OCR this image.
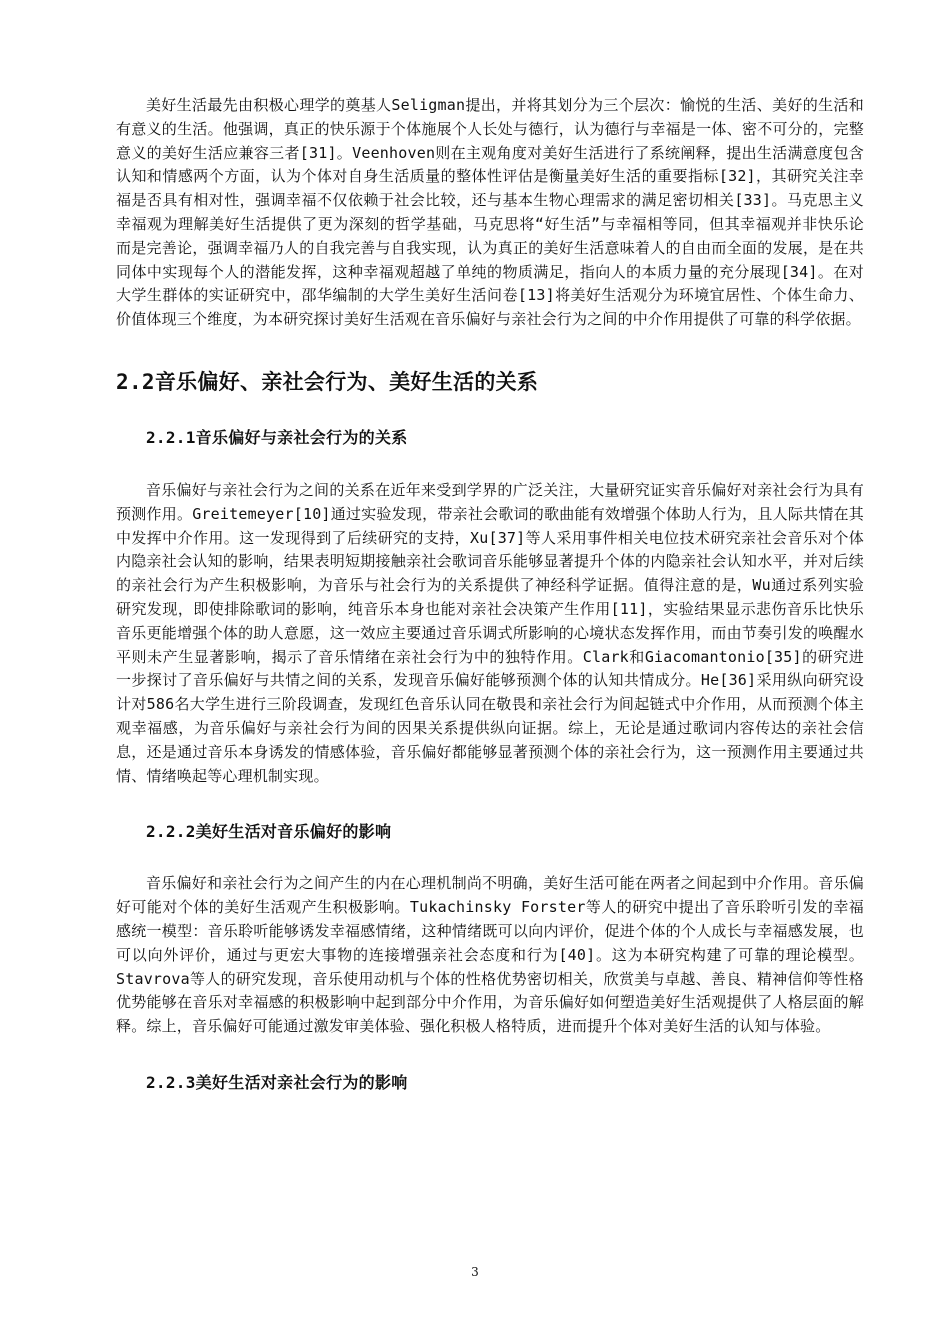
美好生活最先由积极心理学的奠基人Seligman提出，并将其划分为三个层次：愉悦的生活、美好的生活和有意义的生活。他强调，真正的快乐源于个体施展个人长处与德行，认为德行与幸福是一体、密不可分的，完整意义的美好生活应兼容三者[31]。Veenhoven则在主观角度对美好生活进行了系统阐释，提出生活满意度包含认知和情感两个方面，认为个体对自身生活质量的整体性评估是衡量美好生活的重要指标[32]，其研究关注幸福是否具有相对性，强调幸福不仅依赖于社会比较，还与基本生物心理需求的满足密切相关[33]。马克思主义幸福观为理解美好生活提供了更为深刻的哲学基础，马克思将“好生活”与幸福相等同，但其幸福观并非快乐论而是完善论，强调幸福乃人的自我完善与自我实现，认为真正的美好生活意味着人的自由而全面的发展，是在共同体中实现每个人的潜能发挥，这种幸福观超越了单纯的物质满足，指向人的本质力量的充分展现[34]。在对大学生群体的实证研究中，邵华编制的大学生美好生活问卷[13]将美好生活观分为环境宜居性、个体生命力、价值体现三个维度，为本研究探讨美好生活观在音乐偏好与亲社会行为之间的中介作用提供了可靠的科学依据。

2.2音乐偏好、亲社会行为、美好生活的关系
2.2.1音乐偏好与亲社会行为的关系

音乐偏好与亲社会行为之间的关系在近年来受到学界的广泛关注，大量研究证实音乐偏好对亲社会行为具有预测作用。Greitemeyer[10]通过实验发现，带亲社会歌词的歌曲能有效增强个体助人行为，且人际共情在其中发挥中介作用。这一发现得到了后续研究的支持，Xu[37]等人采用事件相关电位技术研究亲社会音乐对个体内隐亲社会认知的影响，结果表明短期接触亲社会歌词音乐能够显著提升个体的内隐亲社会认知水平，并对后续的亲社会行为产生积极影响，为音乐与社会行为的关系提供了神经科学证据。值得注意的是，Wu通过系列实验研究发现，即使排除歌词的影响，纯音乐本身也能对亲社会决策产生作用[11]，实验结果显示悲伤音乐比快乐音乐更能增强个体的助人意愿，这一效应主要通过音乐调式所影响的心境状态发挥作用，而由节奏引发的唤醒水平则未产生显著影响，揭示了音乐情绪在亲社会行为中的独特作用。Clark和Giacomantonio[35]的研究进一步探讨了音乐偏好与共情之间的关系，发现音乐偏好能够预测个体的认知共情成分。He[36]采用纵向研究设计对586名大学生进行三阶段调查，发现红色音乐认同在敬畏和亲社会行为间起链式中介作用，从而预测个体主观幸福感，为音乐偏好与亲社会行为间的因果关系提供纵向证据。综上，无论是通过歌词内容传达的亲社会信息，还是通过音乐本身诱发的情感体验，音乐偏好都能够显著预测个体的亲社会行为，这一预测作用主要通过共情、情绪唤起等心理机制实现。

2.2.2美好生活对音乐偏好的影响

音乐偏好和亲社会行为之间产生的内在心理机制尚不明确，美好生活可能在两者之间起到中介作用。音乐偏好可能对个体的美好生活观产生积极影响。Tukachinsky Forster等人的研究中提出了音乐聆听引发的幸福感统一模型：音乐聆听能够诱发幸福感情绪，这种情绪既可以向内评价，促进个体的个人成长与幸福感发展，也可以向外评价，通过与更宏大事物的连接增强亲社会态度和行为[40]。这为本研究构建了可靠的理论模型。Stavrova等人的研究发现，音乐使用动机与个体的性格优势密切相关，欣赏美与卓越、善良、精神信仰等性格优势能够在音乐对幸福感的积极影响中起到部分中介作用，为音乐偏好如何塑造美好生活观提供了人格层面的解释。综上，音乐偏好可能通过激发审美体验、强化积极人格特质，进而提升个体对美好生活的认知与体验。

2.2.3美好生活对亲社会行为的影响
3
